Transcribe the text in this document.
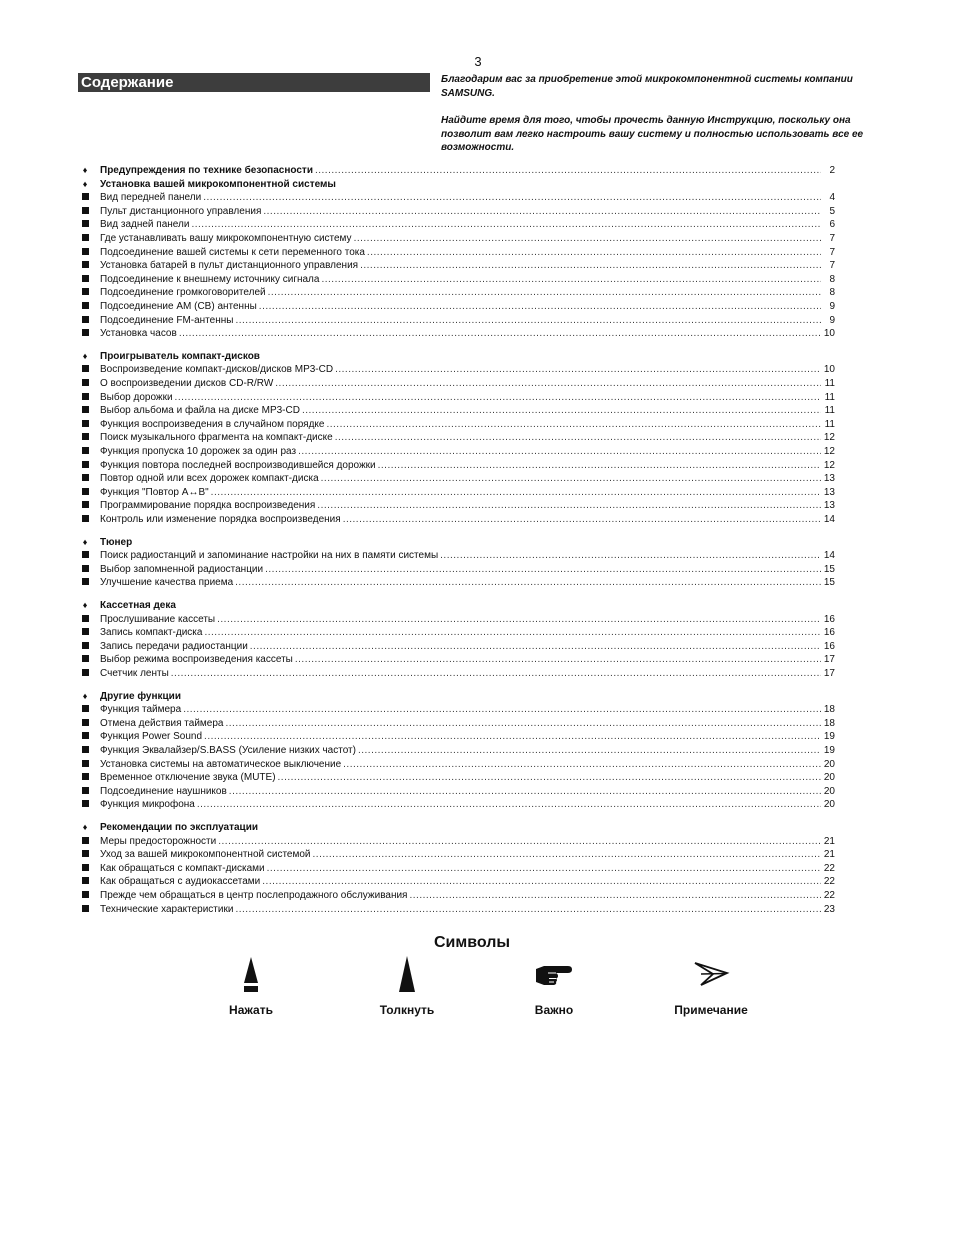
3
Содержание	Благодарим вас за приобретение этой микрокомпонентной системы компании SAMSUNG.
Найдите время для того, чтобы прочесть данную Инструкцию, поскольку она позволит вам легко настроить вашу систему и полностью использовать все ее возможности.
♦	Предупреждения по технике безопасности .....	2
♦	Установка вашей микрокомпонентной системы
Вид передней панели .....	4
Пульт дистанционного управления .....	5
Вид задней панели .....	6
Где устанавливать вашу микрокомпонентную систему .....	7
Подсоединение вашей системы к сети переменного тока .....	7
Установка батарей в пульт дистанционного управления .....	7
Подсоединение к внешнему источнику сигнала .....	8
Подсоединение громкоговорителей .....	8
Подсоединение AM (CB) антенны .....	9
Подсоединение FM-антенны .....	9
Установка часов .....	10
♦	Проигрыватель компакт-дисков
Воспроизведение компакт-дисков/дисков MP3-CD .....	10
О воспроизведении дисков CD-R/RW .....	11
Выбор дорожки .....	11
Выбор альбома и файла на диске MP3-CD .....	11
Функция воспроизведения в случайном порядке .....	11
Поиск музыкального фрагмента на компакт-диске .....	12
Функция пропуска 10 дорожек за один раз .....	12
Функция повтора последней воспроизводившейся дорожки .....	12
Повтор одной или всех дорожек компакт-диска .....	13
Функция "Повтор A↔B" .....	13
Программирование порядка воспроизведения .....	13
Контроль или изменение порядка воспроизведения .....	14
♦	Тюнер
Поиск радиостанций и запоминание настройки на них в памяти системы .....	14
Выбор запомненной радиостанции .....	15
Улучшение качества приема .....	15
♦	Кассетная дека
Прослушивание кассеты .....	16
Запись компакт-диска .....	16
Запись передачи радиостанции .....	16
Выбор режима воспроизведения кассеты .....	17
Счетчик ленты .....	17
♦	Другие функции
Функция таймера .....	18
Отмена действия таймера .....	18
Функция Power Sound .....	19
Функция Эквалайзер/S.BASS (Усиление низких частот) .....	19
Установка системы на автоматическое выключение .....	20
Временное отключение звука (MUTE) .....	20
Подсоединение наушников .....	20
Функция микрофона .....	20
♦	Рекомендации по эксплуатации
Меры предосторожности .....	21
Уход за вашей микрокомпонентной системой .....	21
Как обращаться с компакт-дисками .....	22
Как обращаться с аудиокассетами .....	22
Прежде чем обращаться в центр послепродажного обслуживания .....	22
Технические характеристики .....	23
Символы
Нажать	Толкнуть	Важно	Примечание
